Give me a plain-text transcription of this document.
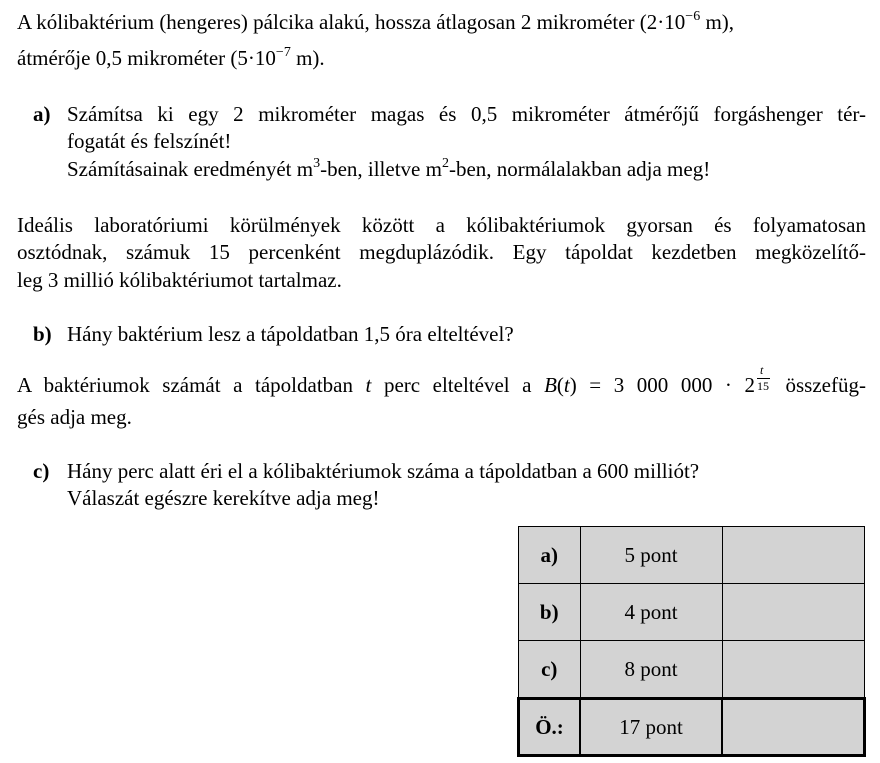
A kólibaktérium (hengeres) pálcika alakú, hossza átlagosan 2 mikrométer ($2\cdot 10^{-6}$ m),
átmérője 0,5 mikrométer ($5\cdot 10^{-7}$ m).
a) Számítsa ki egy 2 mikrométer magas és 0,5 mikrométer átmérőjű forgáshenger tér-
fogatát és felszínét!
Számításainak eredményét $m^3$-ben, illetve $m^2$-ben, normálalakban adja meg!
Ideális laboratóriumi körülmények között a kólibaktériumok gyorsan és folyamatosan
osztódnak, számuk 15 percenként megduplázódik. Egy tápoldat kezdetben megközelítő-
leg 3 millió kólibaktériumot tartalmaz.
b) Hány baktérium lesz a tápoldatban 1,5 óra elteltével?
A baktériumok számát a tápoldatban t perc elteltével a B(t) = 3 000 $000 \cdot 2 \frac{t}{15}$ összefüg-
gés adja meg.
c) Hány perc alatt éri el a kólibaktériumok száma a tápoldatban a 600 milliót?
Válaszát egészre kerekítve adja meg!
a)	5 pont	
b)	4 pont	
c)	8 pont	
Ö.:	17 pont	
